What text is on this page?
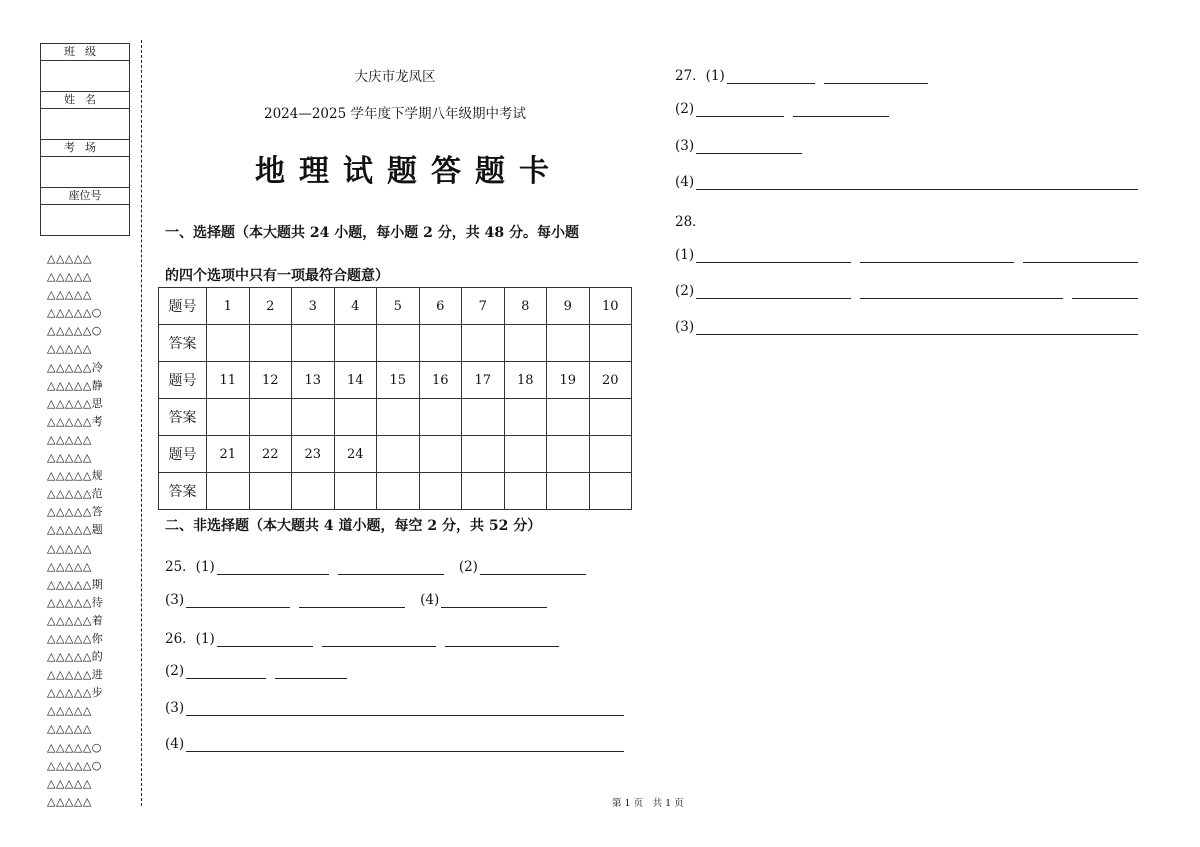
班级

姓名

考场

座位号

△△△△△
△△△△△
△△△△△
△△△△△○
△△△△△○
△△△△△
△△△△△冷
△△△△△静
△△△△△思
△△△△△考
△△△△△
△△△△△
△△△△△规
△△△△△范
△△△△△答
△△△△△题
△△△△△
△△△△△
△△△△△期
△△△△△待
△△△△△着
△△△△△你
△△△△△的
△△△△△进
△△△△△步
△△△△△
△△△△△
△△△△△○
△△△△△○
△△△△△
△△△△△
大庆市龙凤区
2024—2025 学年度下学期八年级期中考试
地理试题答题卡
一、选择题（本大题共 24 小题，每小题 2 分，共 48 分。每小题
的四个选项中只有一项最符合题意）
题号	1	2	3	4	5	6	7	8	9	10
答案										
题号	11	12	13	14	15	16	17	18	19	20
答案										
题号	21	22	23	24						
答案										
二、非选择题（本大题共 4 道小题，每空 2 分，共 52 分）
25．(1)	(2)
(3)	(4)
26．(1)
(2)
(3)
(4)
27．(1)
(2)
(3)
(4)
28．
(1)
(2)
(3)
第 1 页　共 1 页
